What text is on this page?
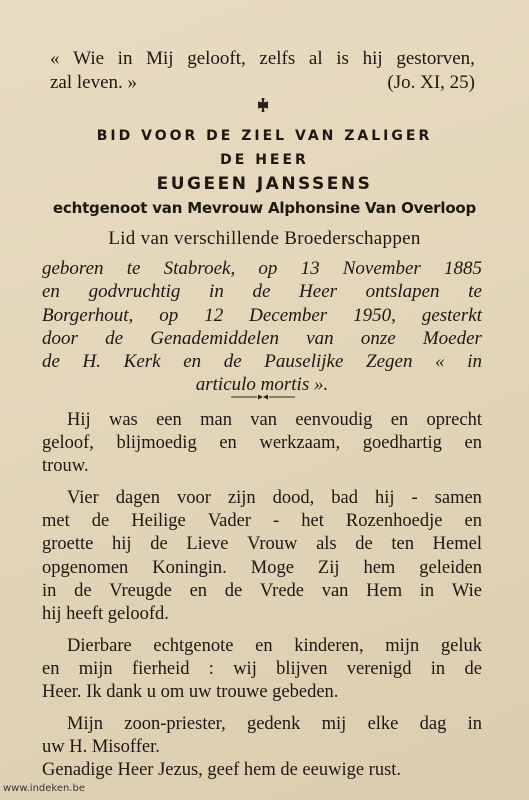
« Wie in Mij gelooft, zelfs al is hij gestorven,
zal leven. »	(Jo. XI, 25)
BID VOOR DE ZIEL VAN ZALIGER
DE HEER
EUGEEN JANSSENS
echtgenoot van Mevrouw Alphonsine Van Overloop
Lid van verschillende Broederschappen
geboren te Stabroek, op 13 November 1885
en godvruchtig in de Heer ontslapen te
Borgerhout, op 12 December 1950, gesterkt
door de Genademiddelen van onze Moeder
de H. Kerk en de Pauselijke Zegen « in
articulo mortis ».
Hij was een man van eenvoudig en oprecht
geloof, blijmoedig en werkzaam, goedhartig en
trouw.
Vier dagen voor zijn dood, bad hij - samen
met de Heilige Vader - het Rozenhoedje en
groette hij de Lieve Vrouw als de ten Hemel
opgenomen Koningin. Moge Zij hem geleiden
in de Vreugde en de Vrede van Hem in Wie
hij heeft geloofd.
Dierbare echtgenote en kinderen, mijn geluk
en mijn fierheid : wij blijven verenigd in de
Heer. Ik dank u om uw trouwe gebeden.
Mijn zoon-priester, gedenk mij elke dag in
uw H. Misoffer.
Genadige Heer Jezus, geef hem de eeuwige rust.
www.indeken.be
